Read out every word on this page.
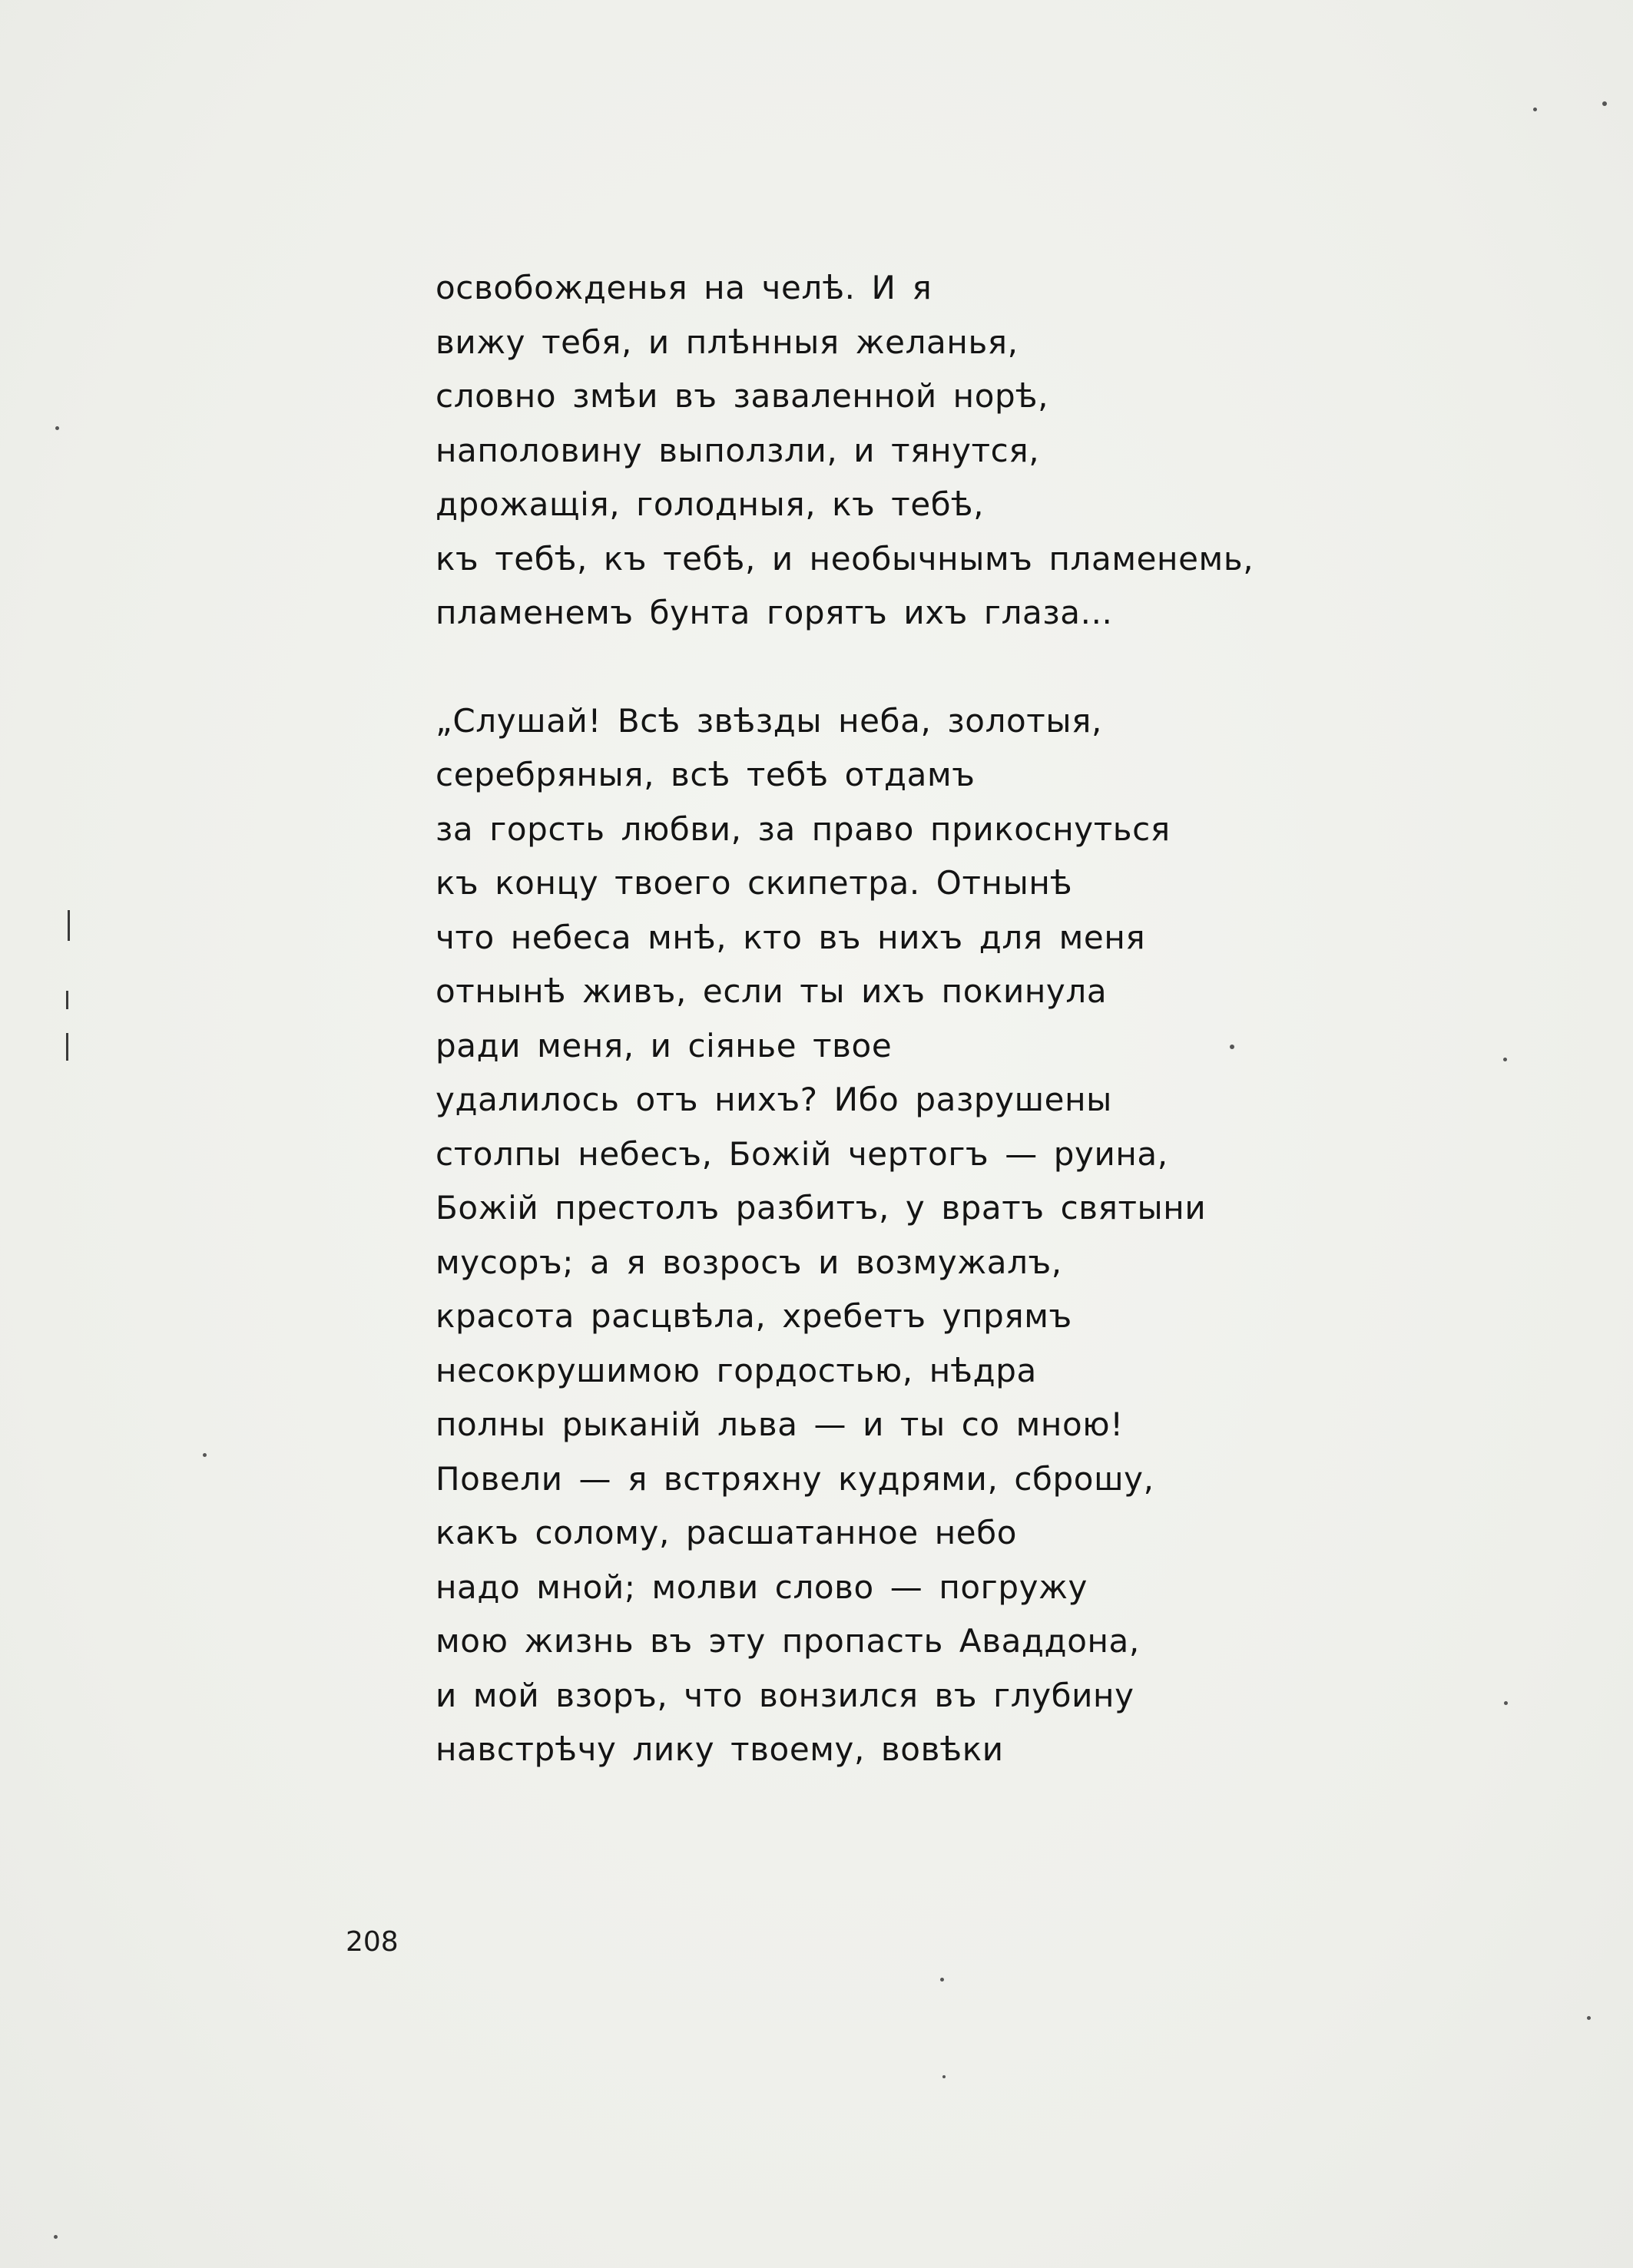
освобожденья на челѣ. И я
вижу тебя, и плѣнныя желанья,
словно змѣи въ заваленной норѣ,
наполовину выползли, и тянутся,
дрожащія, голодныя, къ тебѣ,
къ тебѣ, къ тебѣ, и необычнымъ пламенемь,
пламенемъ бунта горятъ ихъ глаза...
„Слушай! Всѣ звѣзды неба, золотыя,
серебряныя, всѣ тебѣ отдамъ
за горсть любви, за право прикоснуться
къ концу твоего скипетра. Отнынѣ
что небеса мнѣ, кто въ нихъ для меня
отнынѣ живъ, если ты ихъ покинула
ради меня, и сіянье твое
удалилось отъ нихъ? Ибо разрушены
столпы небесъ, Божій чертогъ — руина,
Божій престолъ разбитъ, у вратъ святыни
мусоръ; а я возросъ и возмужалъ,
красота расцвѣла, хребетъ упрямъ
несокрушимою гордостью, нѣдра
полны рыканій льва — и ты со мною!
Повели — я встряхну кудрями, сброшу,
какъ солому, расшатанное небо
надо мной; молви слово — погружу
мою жизнь въ эту пропасть Аваддона,
и мой взоръ, что вонзился въ глубину
навстрѣчу лику твоему, вовѣки
208
